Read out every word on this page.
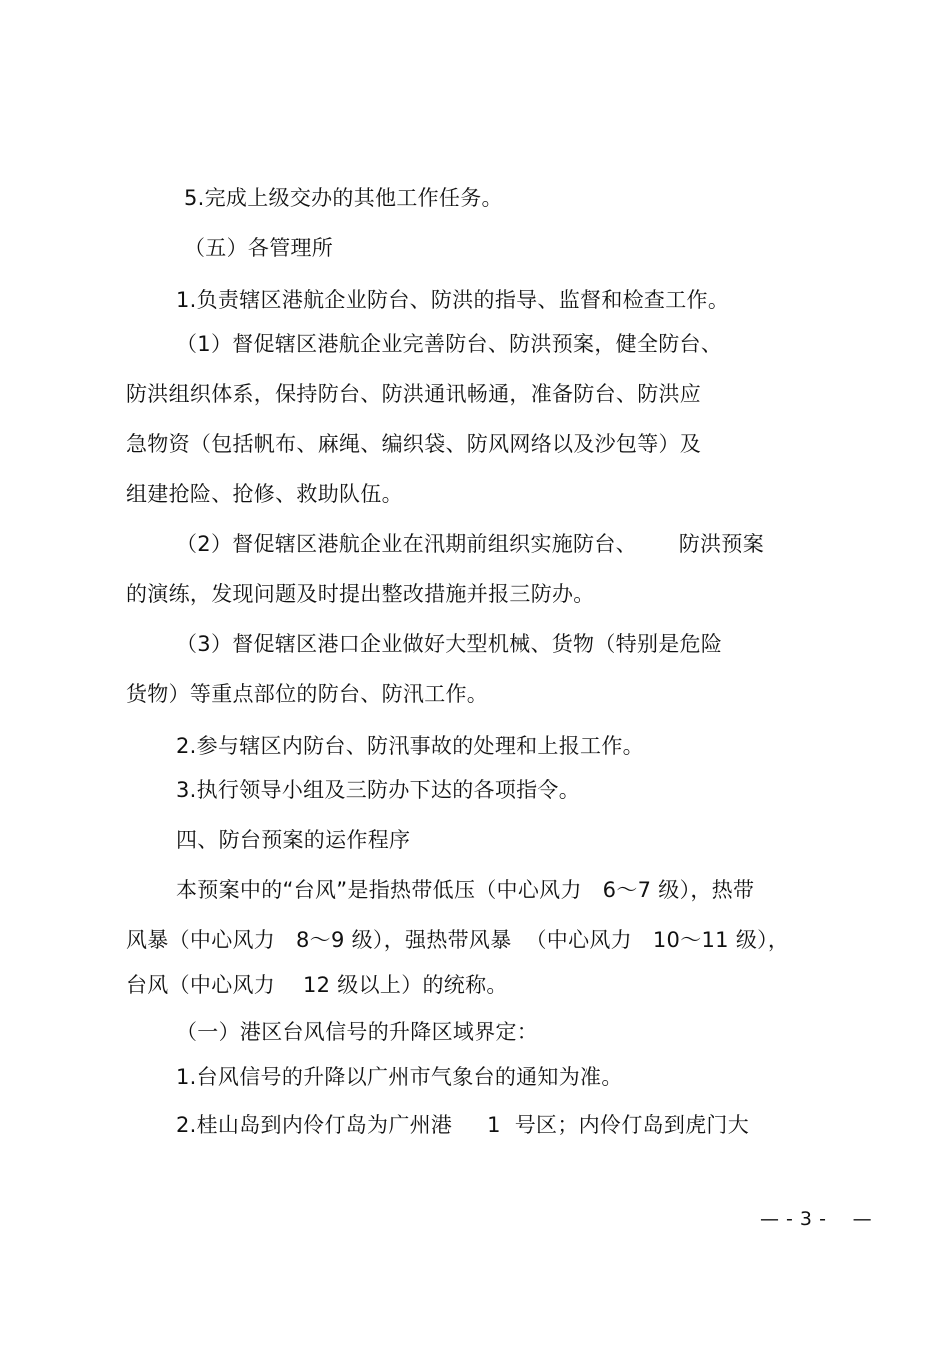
5.完成上级交办的其他工作任务。
（五）各管理所
1.负责辖区港航企业防台、防洪的指导、监督和检查工作。
（1）督促辖区港航企业完善防台、防洪预案，健全防台、
防洪组织体系，保持防台、防洪通讯畅通，准备防台、防洪应
急物资（包括帆布、麻绳、编织袋、防风网络以及沙包等）及
组建抢险、抢修、救助队伍。
（2）督促辖区港航企业在汛期前组织实施防台、      防洪预案
的演练，发现问题及时提出整改措施并报三防办。
（3）督促辖区港口企业做好大型机械、货物（特别是危险
货物）等重点部位的防台、防汛工作。
2.参与辖区内防台、防汛事故的处理和上报工作。
3.执行领导小组及三防办下达的各项指令。
四、防台预案的运作程序
本预案中的“台风”是指热带低压（中心风力   6～7 级），热带
风暴（中心风力   8～9 级），强热带风暴  （中心风力   10～11 级），
台风（中心风力    12 级以上）的统称。
（一）港区台风信号的升降区域界定：
1.台风信号的升降以广州市气象台的通知为准。
2.桂山岛到内伶仃岛为广州港     1  号区；内伶仃岛到虎门大
— - 3 -    —
